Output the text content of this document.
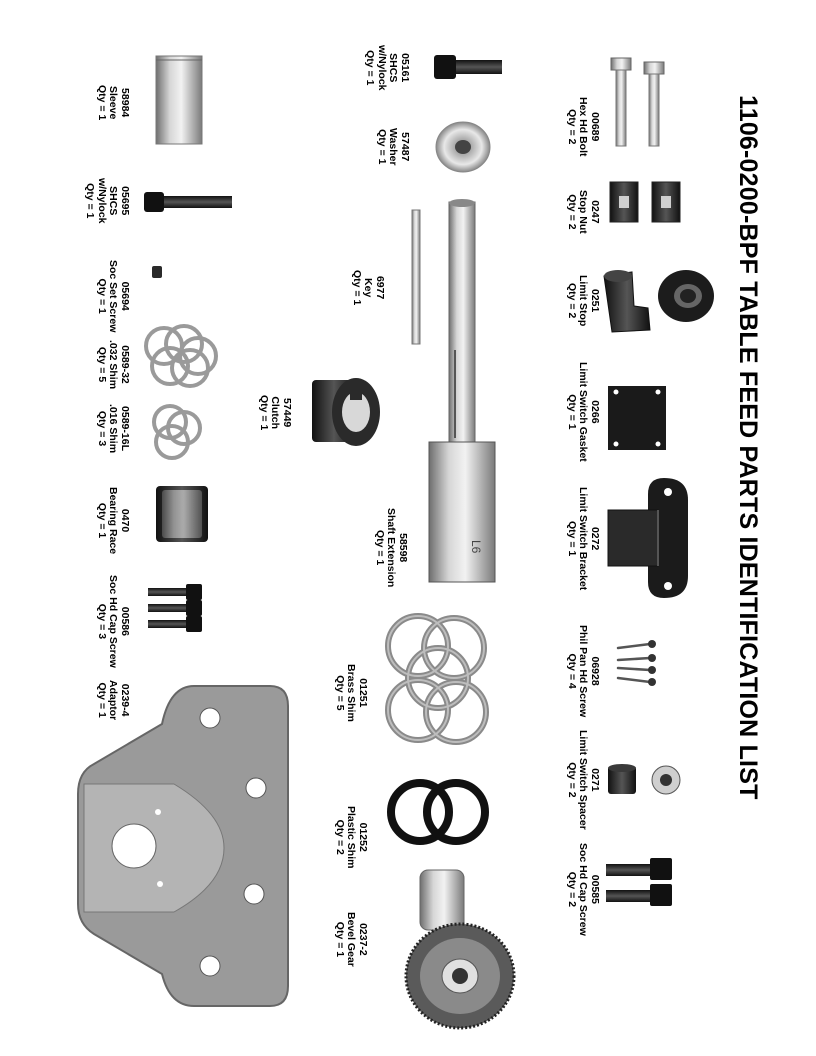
1106-0200-BPF TABLE FEED PARTS IDENTIFICATION LIST
00689
Hex Hd Bolt
Qty = 2
0247
Stop Nut
Qty = 2
0251
Limit Stop
Qty = 2
0266
Limit Switch Gasket
Qty = 1
0272
Limit Switch Bracket
Qty = 1
06928
Phil Pan Hd Screw
Qty = 4
0271
Limit Switch Spacer
Qty = 2
00585
Soc Hd Cap Screw
Qty = 2
05161
SHCS
w/Nylock
Qty = 1
57487
Washer
Qty = 1
6977
Key
Qty = 1
L6
58598
Shaft Extension
Qty = 1
57449
Clutch
Qty = 1
01251
Brass Shim
Qty = 5
01252
Plastic Shim
Qty = 2
0237-2
Bevel Gear
Qty = 1
58984
Sleeve
Qty = 1
05695
SHCS
w/Nylock
Qty = 1
05694
Soc Set Screw
Qty = 1
0589-32
.032 Shim
Qty = 5
0589-16L
.016 Shim
Qty = 3
0470
Bearing Race
Qty = 1
00586
Soc Hd Cap Screw
Qty = 3
0239-4
Adaptor
Qty = 1
